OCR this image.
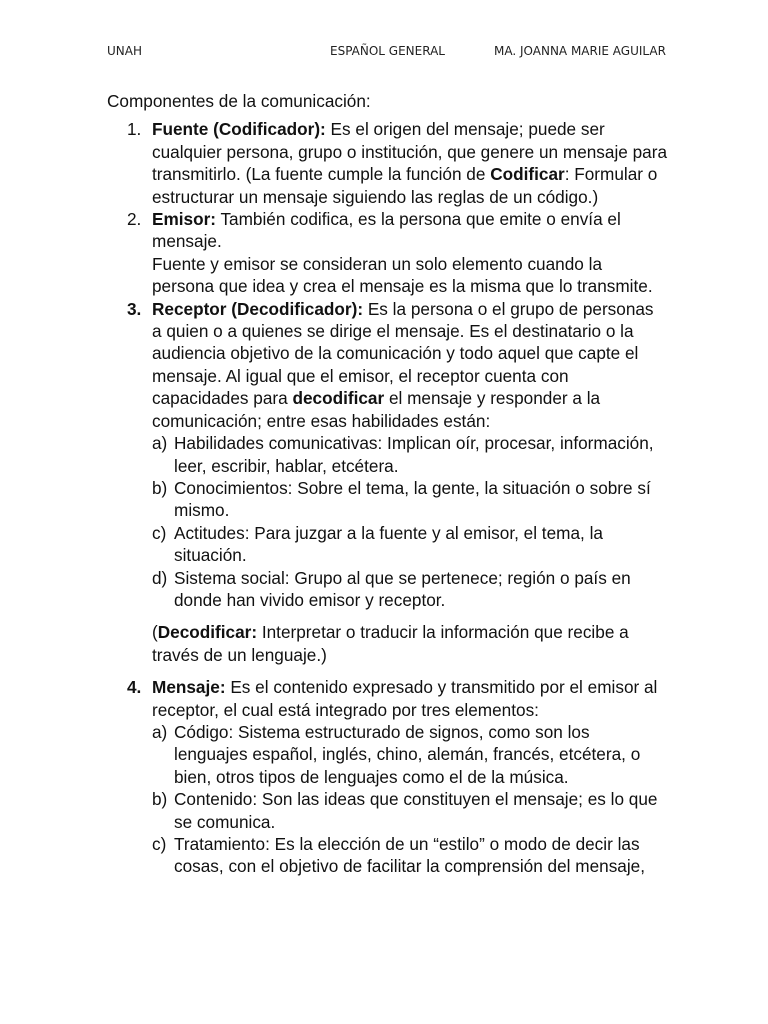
UNAH	ESPAÑOL GENERAL	MA. JOANNA MARIE AGUILAR

Componentes de la comunicación:

1. Fuente (Codificador): Es el origen del mensaje; puede ser cualquier persona, grupo o institución, que genere un mensaje para transmitirlo. (La fuente cumple la función de Codificar: Formular o estructurar un mensaje siguiendo las reglas de un código.)

2. Emisor: También codifica, es la persona que emite o envía el mensaje.

Fuente y emisor se consideran un solo elemento cuando la persona que idea y crea el mensaje es la misma que lo transmite.

3. Receptor (Decodificador): Es la persona o el grupo de personas a quien o a quienes se dirige el mensaje. Es el destinatario o la audiencia objetivo de la comunicación y todo aquel que capte el mensaje. Al igual que el emisor, el receptor cuenta con capacidades para decodificar el mensaje y responder a la comunicación; entre esas habilidades están:

a) Habilidades comunicativas: Implican oír, procesar, información, leer, escribir, hablar, etcétera.
b) Conocimientos: Sobre el tema, la gente, la situación o sobre sí mismo.
c) Actitudes: Para juzgar a la fuente y al emisor, el tema, la situación.
d) Sistema social: Grupo al que se pertenece; región o país en donde han vivido emisor y receptor.

(Decodificar: Interpretar o traducir la información que recibe a través de un lenguaje.)

4. Mensaje: Es el contenido expresado y transmitido por el emisor al receptor, el cual está integrado por tres elementos:

a) Código: Sistema estructurado de signos, como son los lenguajes español, inglés, chino, alemán, francés, etcétera, o bien, otros tipos de lenguajes como el de la música.
b) Contenido: Son las ideas que constituyen el mensaje; es lo que se comunica.
c) Tratamiento: Es la elección de un “estilo” o modo de decir las cosas, con el objetivo de facilitar la comprensión del mensaje,
